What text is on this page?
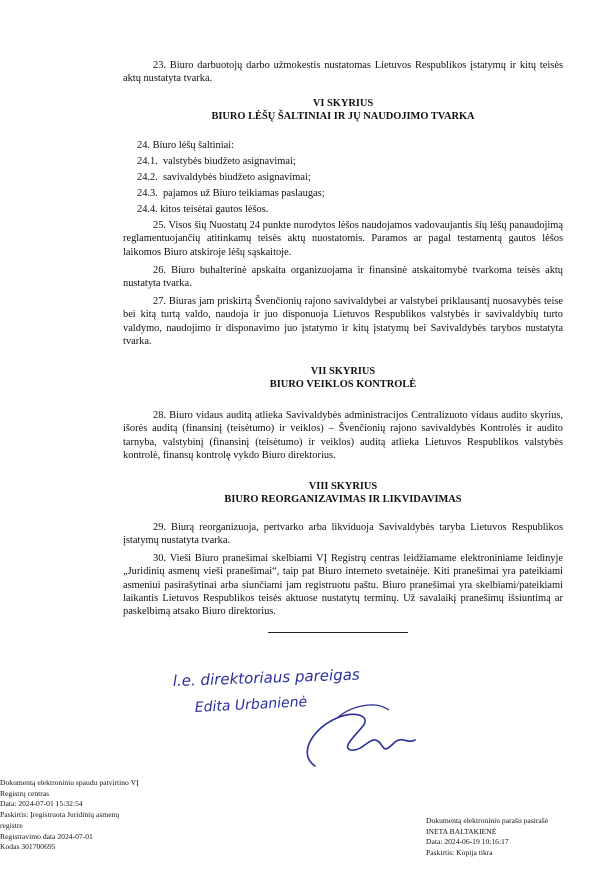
23. Biuro darbuotojų darbo užmokestis nustatomas Lietuvos Respublikos įstatymų ir kitų teisės aktų nustatyta tvarka.

VI SKYRIUS

BIURO LĖŠŲ ŠALTINIAI IR JŲ NAUDOJIMO TVARKA

24. Biuro lėšų šaltiniai:

24.1. valstybės biudžeto asignavimai;

24.2. savivaldybės biudžeto asignavimai;

24.3. pajamos už Biuro teikiamas paslaugas;

24.4. kitos teisėtai gautos lėšos.

25. Visos šių Nuostatų 24 punkte nurodytos lėšos naudojamos vadovaujantis šių lėšų panaudojimą reglamentuojančių atitinkamų teisės aktų nuostatomis. Paramos ar pagal testamentą gautos lėšos laikomos Biuro atskiroje lėšų sąskaitoje.

26. Biuro buhalterinė apskaita organizuojama ir finansinė atskaitomybė tvarkoma teisės aktų nustatyta tvarka.

27. Biuras jam priskirtą Švenčionių rajono savivaldybei ar valstybei priklausantį nuosavybės teise bei kitą turtą valdo, naudoja ir juo disponuoja Lietuvos Respublikos valstybės ir savivaldybių turto valdymo, naudojimo ir disponavimo juo įstatymo ir kitų įstatymų bei Savivaldybės tarybos nustatyta tvarka.

VII SKYRIUS

BIURO VEIKLOS KONTROLĖ

28. Biuro vidaus auditą atlieka Savivaldybės administracijos Centralizuoto vidaus audito skyrius, išorės auditą (finansinį (teisėtumo) ir veiklos) – Švenčionių rajono savivaldybės Kontrolės ir audito tarnyba, valstybinį (finansinį (teisėtumo) ir veiklos) auditą atlieka Lietuvos Respublikos valstybės kontrolė, finansų kontrolę vykdo Biuro direktorius.

VIII SKYRIUS

BIURO REORGANIZAVIMAS IR LIKVIDAVIMAS

29. Biurą reorganizuoja, pertvarko arba likviduoja Savivaldybės taryba Lietuvos Respublikos įstatymų nustatyta tvarka.

30. Vieši Biuro pranešimai skelbiami VĮ Registrų centras leidžiamame elektroniniame leidinyje „Juridinių asmenų vieši pranešimai“, taip pat Biuro interneto svetainėje. Kiti pranešimai yra pateikiami asmeniui pasirašytinai arba siunčiami jam registruotu paštu. Biuro pranešimai yra skelbiami/pateikiami laikantis Lietuvos Respublikos teisės aktuose nustatytų terminų. Už savalaikį pranešimų išsiuntimą ar paskelbimą atsako Biuro direktorius.

l.e. direktoriaus pareigas
Edita Urbanienė
Dokumentą elektroniniu spaudu patvirtino VĮ
Registrų centras
Data: 2024-07-01 15:32:54
Paskirtis: Įregistruota Juridinių asmenų
registre
Registravimo data 2024-07-01
Kodas 301700695
Dokumentą elektroniniu parašu pasirašė
INETA BALTAKIENĖ
Data: 2024-06-19 10:16:17
Paskirtis: Kopija tikra
